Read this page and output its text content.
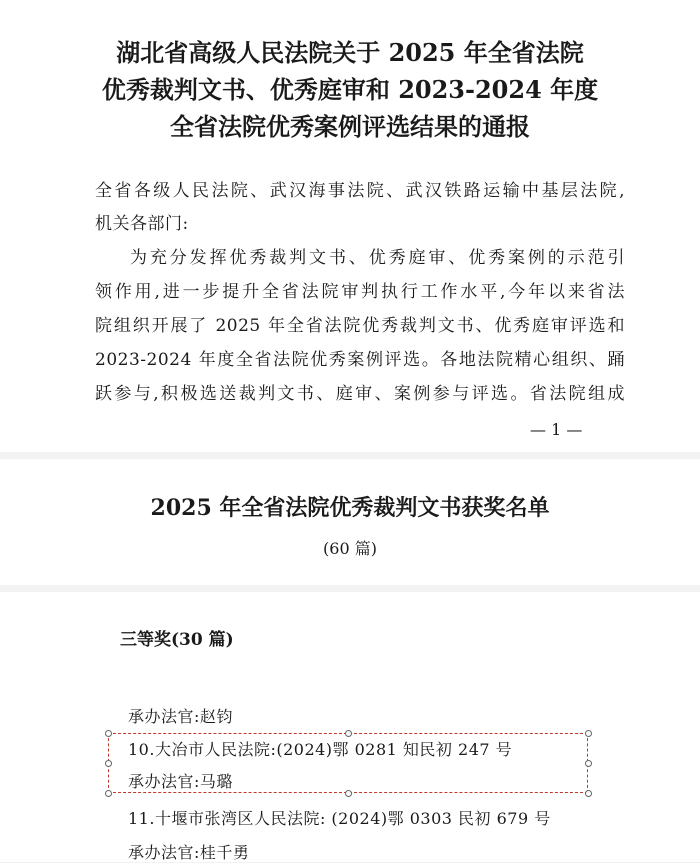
湖北省高级人民法院关于 2025 年全省法院
优秀裁判文书、优秀庭审和 2023-2024 年度
全省法院优秀案例评选结果的通报
全省各级人民法院、武汉海事法院、武汉铁路运输中基层法院,
机关各部门:
为充分发挥优秀裁判文书、优秀庭审、优秀案例的示范引
领作用,进一步提升全省法院审判执行工作水平,今年以来省法
院组织开展了 2025 年全省法院优秀裁判文书、优秀庭审评选和
2023-2024 年度全省法院优秀案例评选。各地法院精心组织、踊
跃参与,积极选送裁判文书、庭审、案例参与评选。省法院组成
— 1 —
2025 年全省法院优秀裁判文书获奖名单
(60 篇)
三等奖(30 篇)
承办法官:赵钧
10.大冶市人民法院:(2024)鄂 0281 知民初 247 号
承办法官:马璐
11.十堰市张湾区人民法院: (2024)鄂 0303 民初 679 号
承办法官:桂千勇
